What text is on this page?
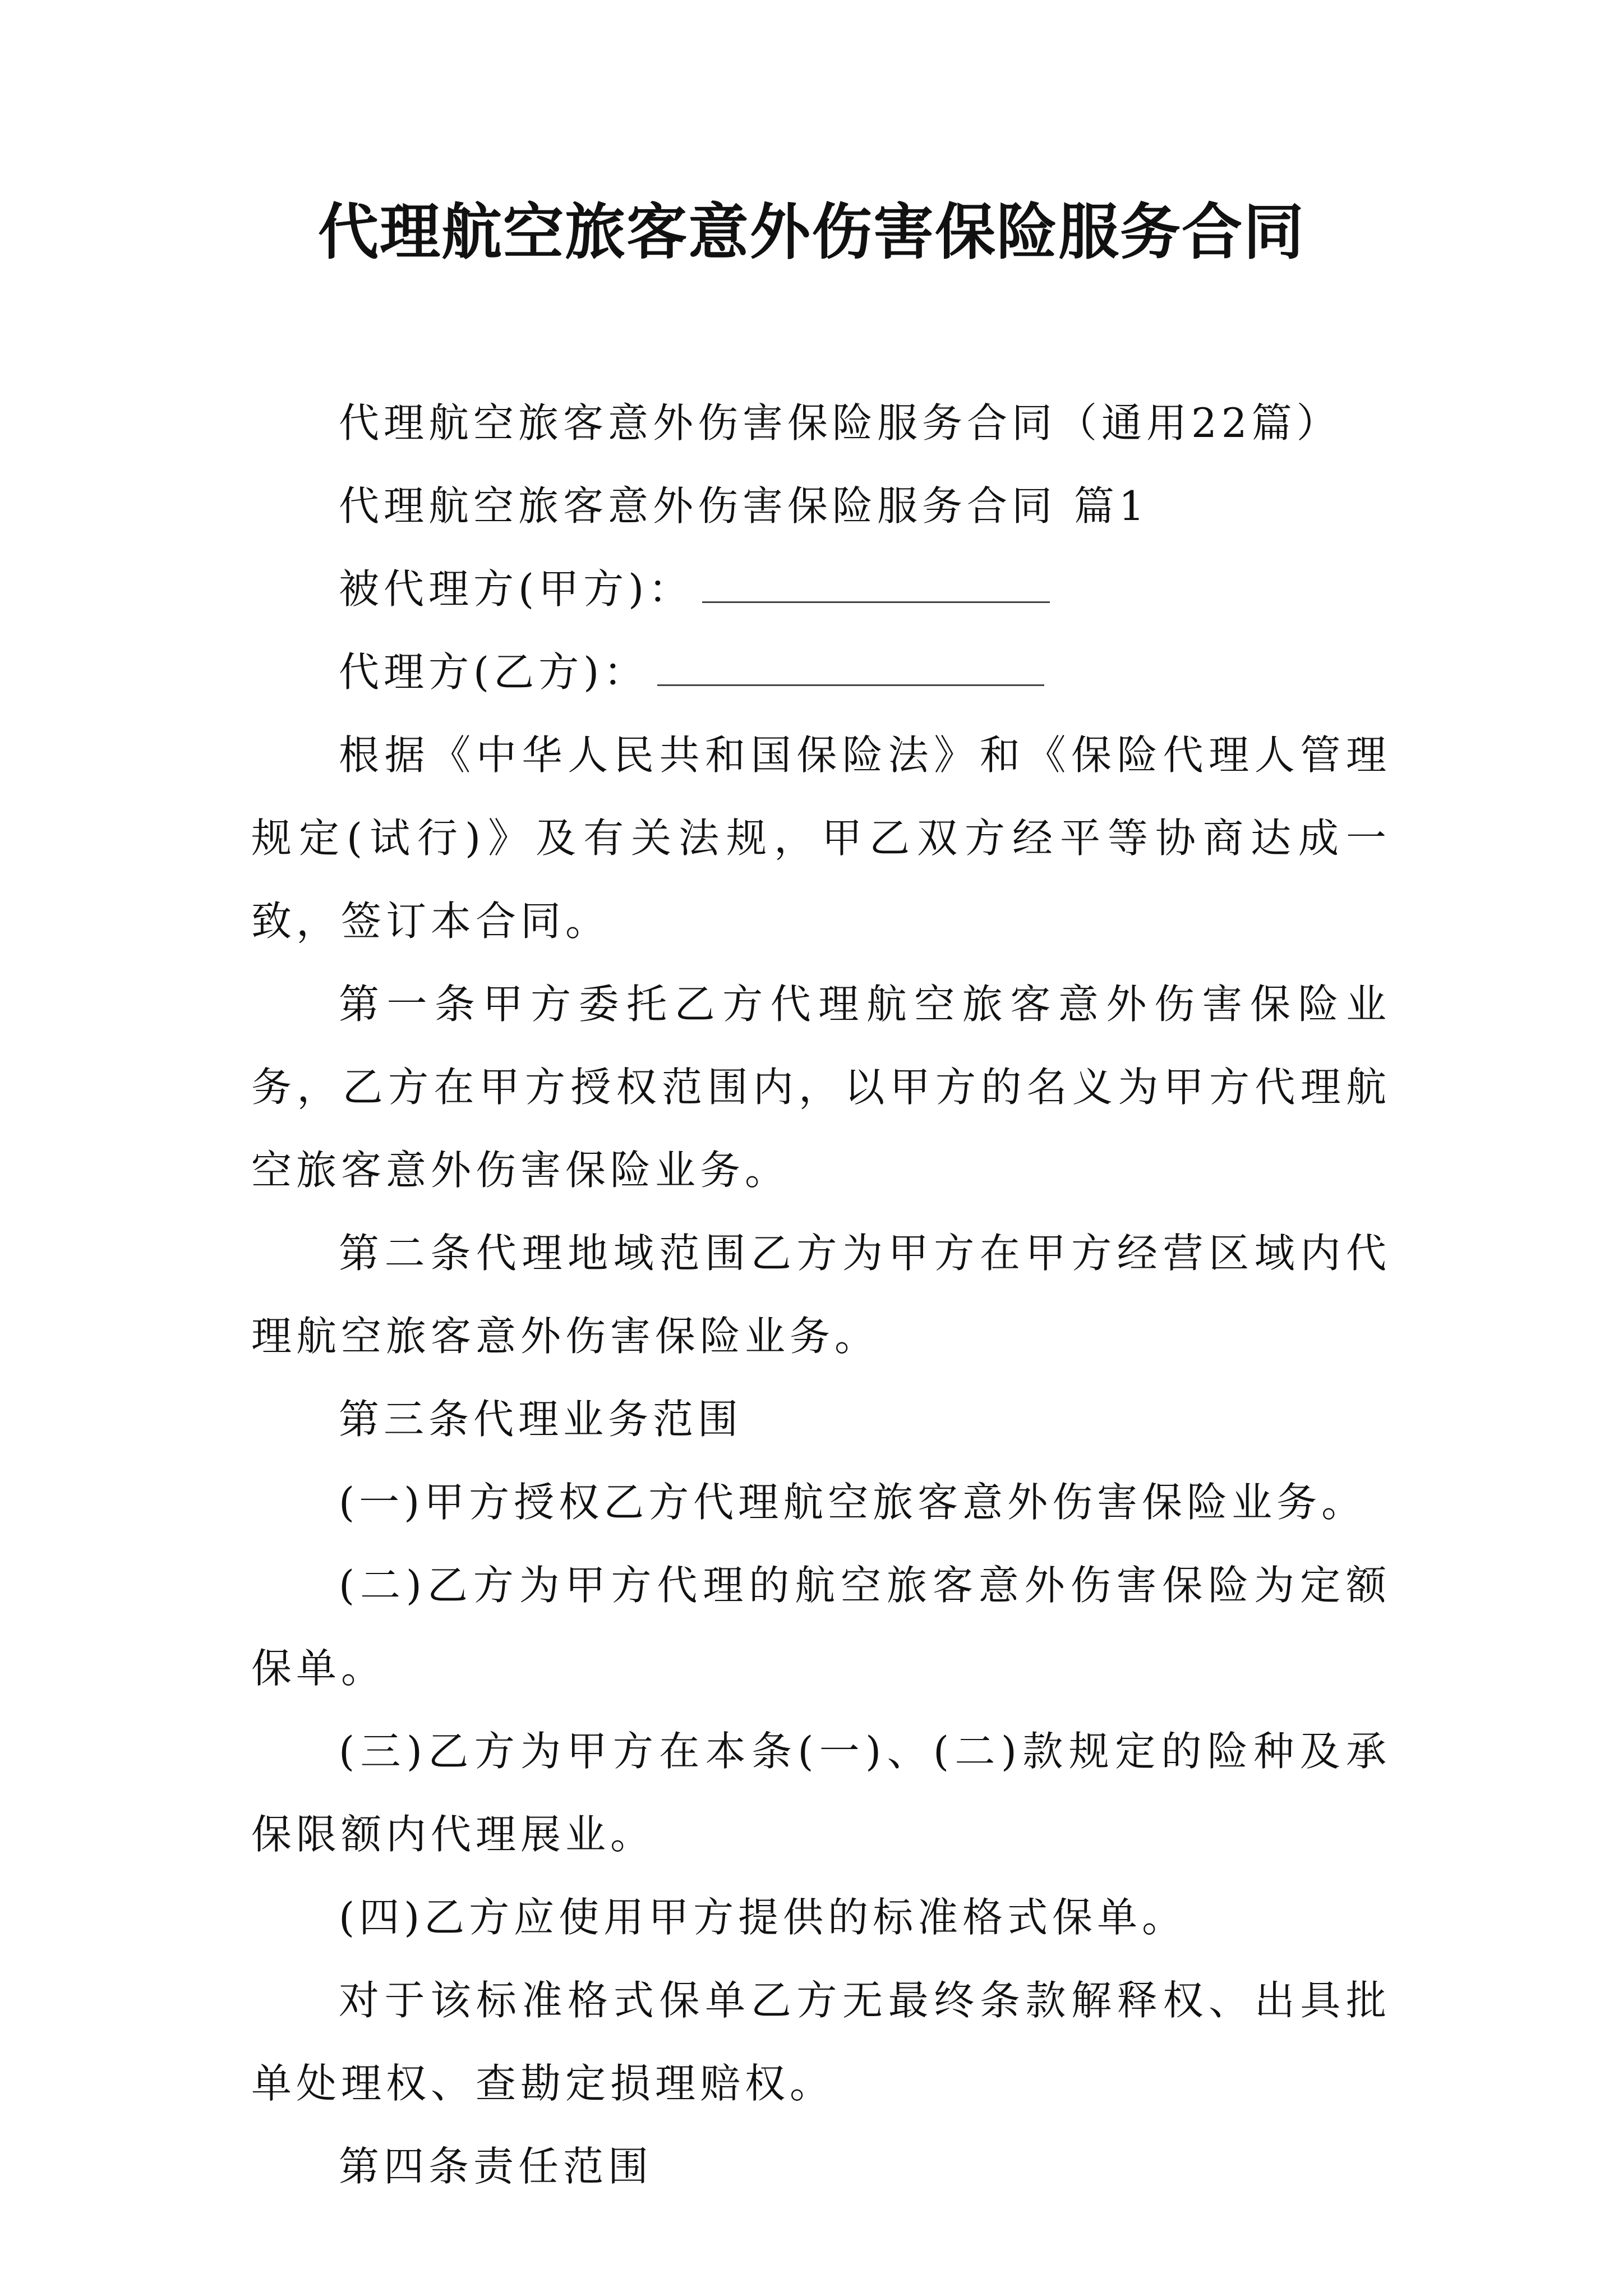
代理航空旅客意外伤害保险服务合同

代理航空旅客意外伤害保险服务合同（通用22篇）

代理航空旅客意外伤害保险服务合同 篇1

被代理方(甲方)：

代理方(乙方)：

根据《中华人民共和国保险法》和《保险代理人管理规定(试行)》及有关法规，甲乙双方经平等协商达成一致，签订本合同。

第一条甲方委托乙方代理航空旅客意外伤害保险业务，乙方在甲方授权范围内，以甲方的名义为甲方代理航空旅客意外伤害保险业务。

第二条代理地域范围乙方为甲方在甲方经营区域内代理航空旅客意外伤害保险业务。

第三条代理业务范围

(一)甲方授权乙方代理航空旅客意外伤害保险业务。

(二)乙方为甲方代理的航空旅客意外伤害保险为定额保单。

(三)乙方为甲方在本条(一)、(二)款规定的险种及承保限额内代理展业。

(四)乙方应使用甲方提供的标准格式保单。

对于该标准格式保单乙方无最终条款解释权、出具批单处理权、查勘定损理赔权。

第四条责任范围
